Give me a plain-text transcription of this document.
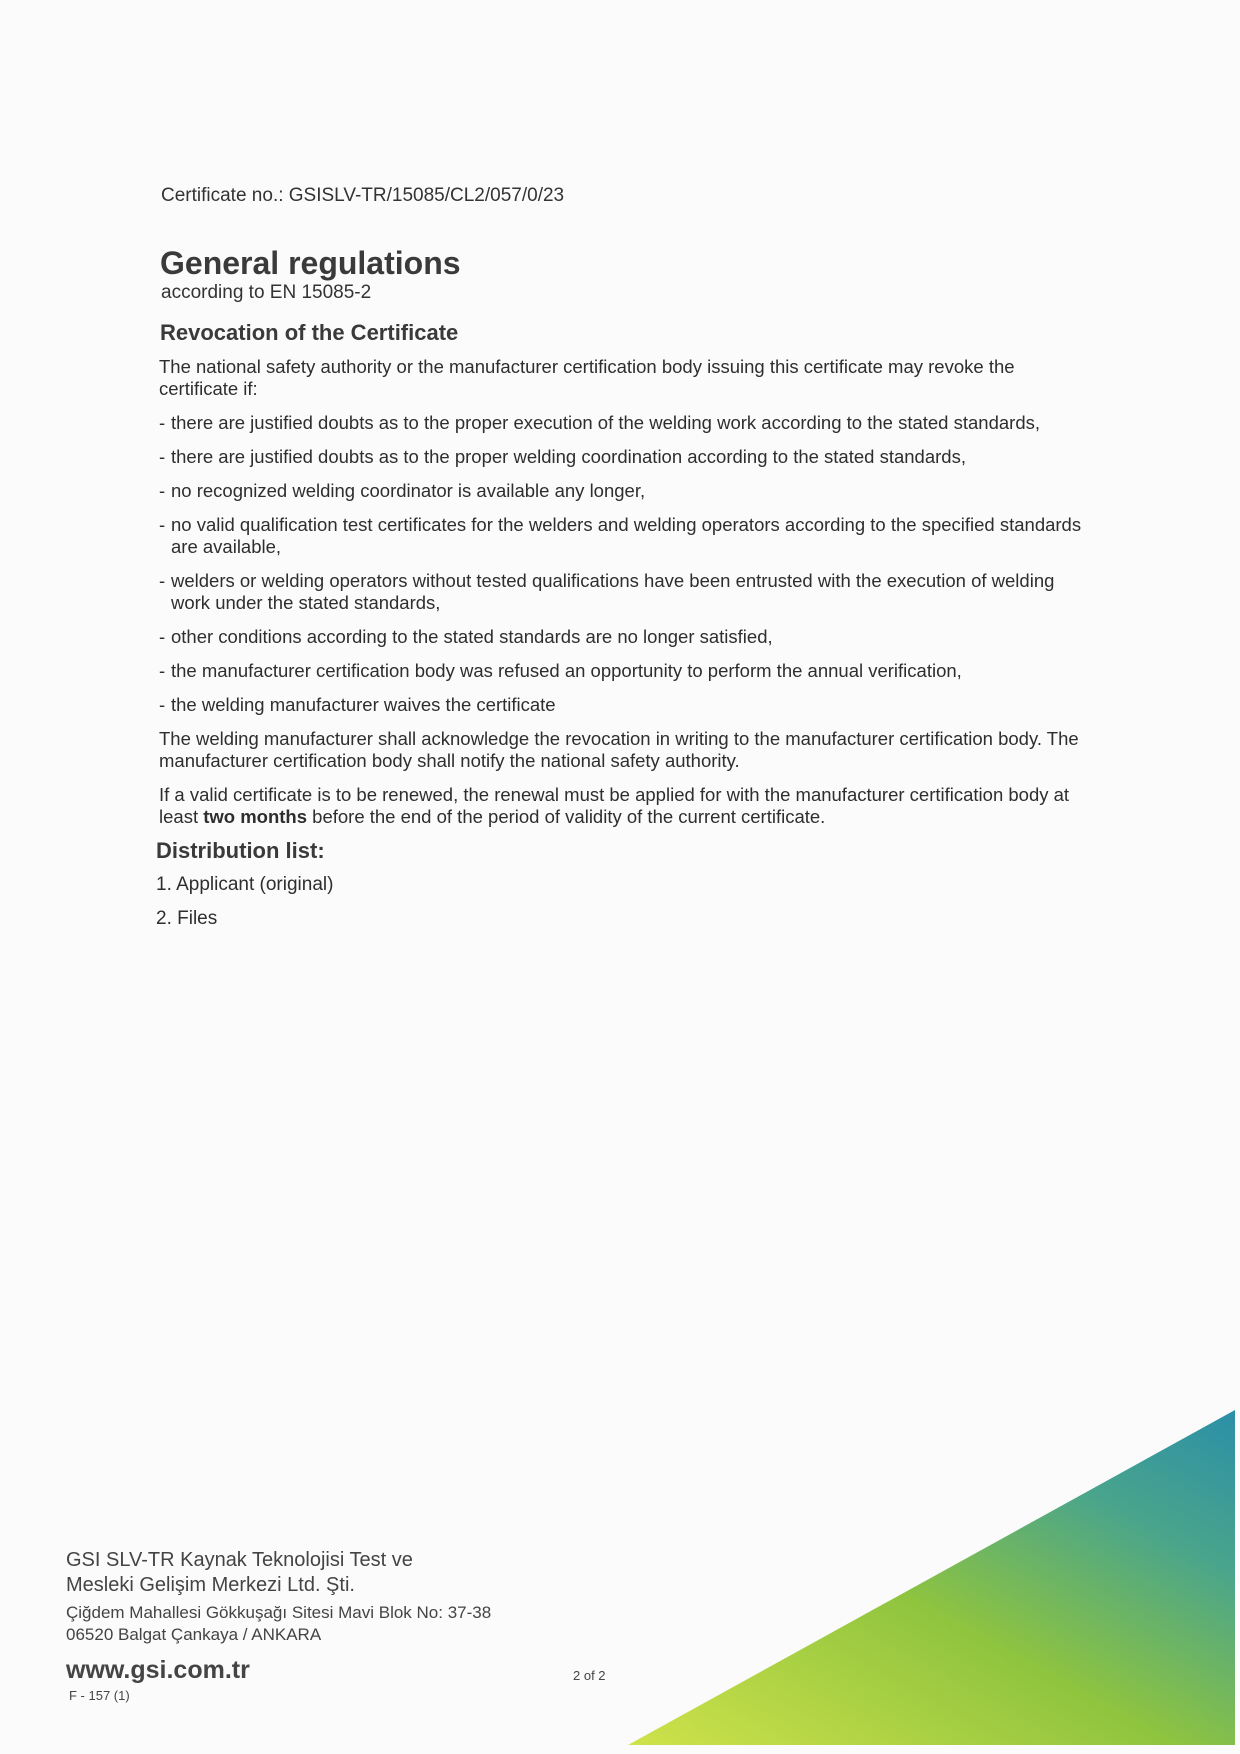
Certificate no.: GSISLV-TR/15085/CL2/057/0/23
General regulations
according to EN 15085-2
Revocation of the Certificate

The national safety authority or the manufacturer certification body issuing this certificate may revoke the certificate if:

- there are justified doubts as to the proper execution of the welding work according to the stated standards,
- there are justified doubts as to the proper welding coordination according to the stated standards,
- no recognized welding coordinator is available any longer,
- no valid qualification test certificates for the welders and welding operators according to the specified standards are available,
- welders or welding operators without tested qualifications have been entrusted with the execution of welding work under the stated standards,
- other conditions according to the stated standards are no longer satisfied,
- the manufacturer certification body was refused an opportunity to perform the annual verification,
- the welding manufacturer waives the certificate

The welding manufacturer shall acknowledge the revocation in writing to the manufacturer certification body. The manufacturer certification body shall notify the national safety authority.

If a valid certificate is to be renewed, the renewal must be applied for with the manufacturer certification body at least two months before the end of the period of validity of the current certificate.

Distribution list:
1. Applicant (original)
2. Files
GSI SLV-TR Kaynak Teknolojisi Test ve
Mesleki Gelişim Merkezi Ltd. Şti.
Çiğdem Mahallesi Gökkuşağı Sitesi Mavi Blok No: 37-38
06520 Balgat Çankaya / ANKARA
www.gsi.com.tr
F - 157 (1)
2 of 2
